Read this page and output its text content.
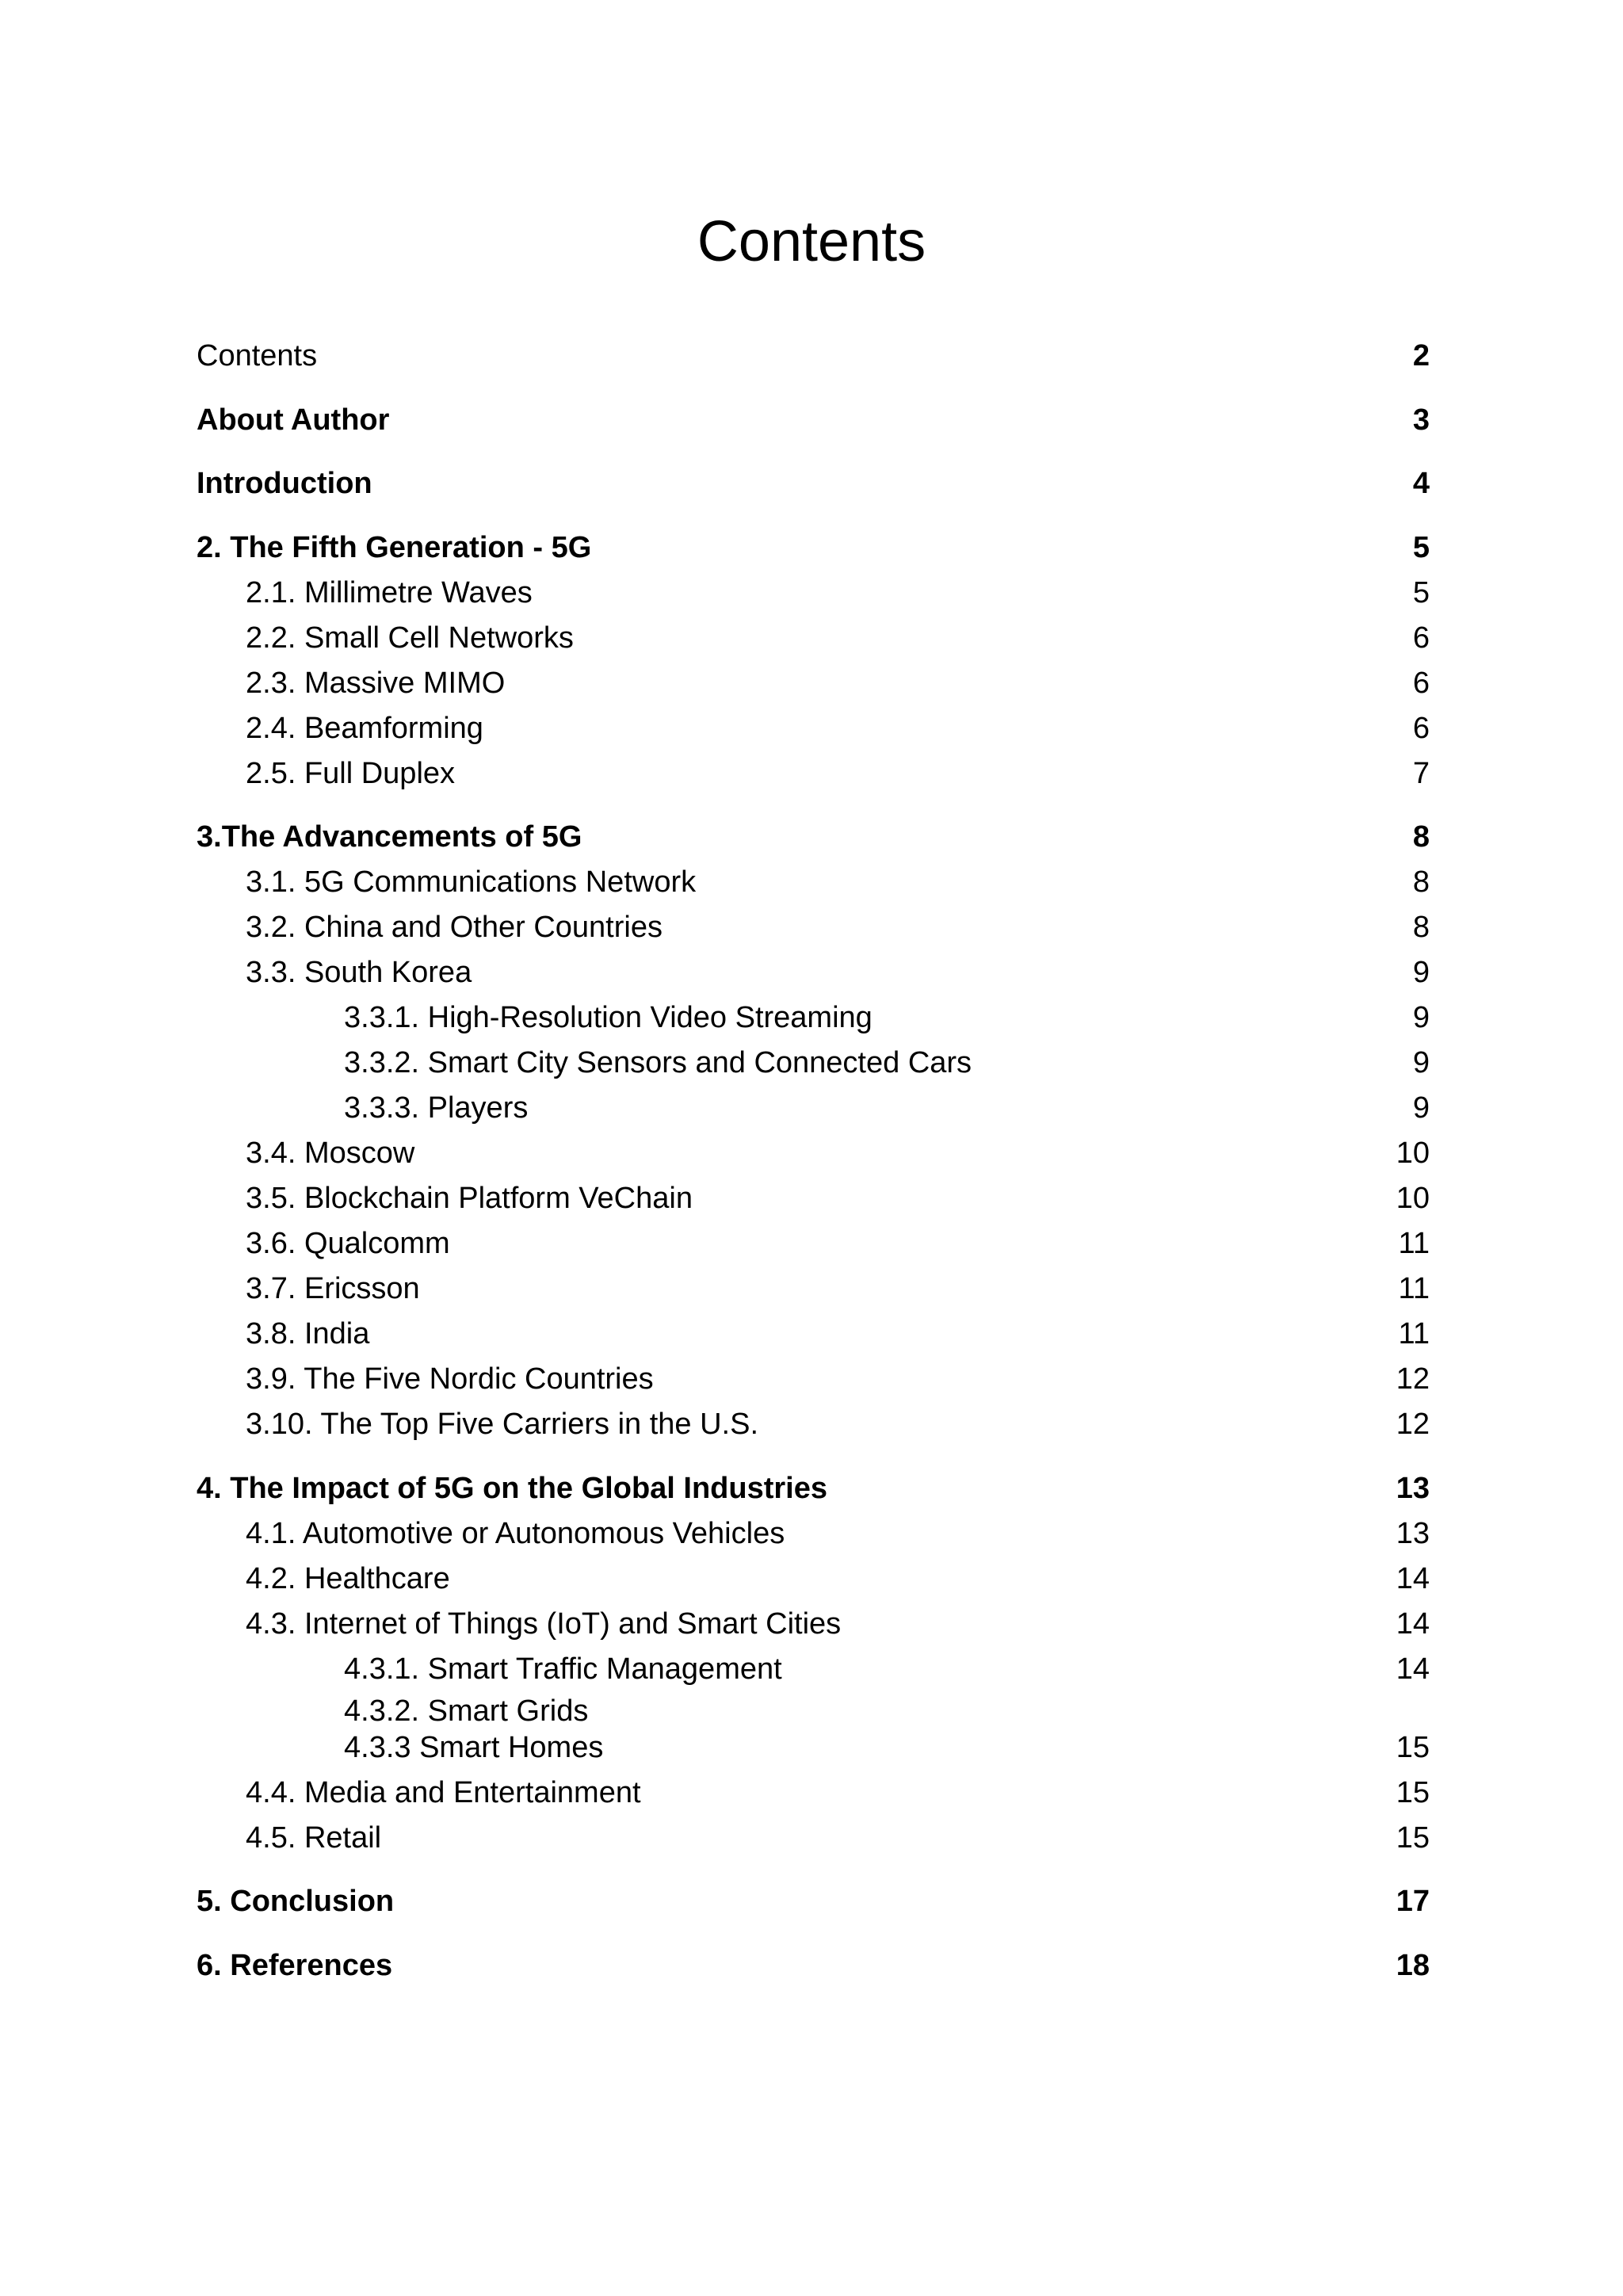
Contents
Contents	2
About Author	3
Introduction	4
2. The Fifth Generation - 5G	5
2.1. Millimetre Waves	5
2.2. Small Cell Networks	6
2.3. Massive MIMO	6
2.4. Beamforming	6
2.5. Full Duplex	7
3.The Advancements of 5G	8
3.1. 5G Communications Network	8
3.2. China and Other Countries	8
3.3. South Korea	9
3.3.1. High-Resolution Video Streaming	9
3.3.2. Smart City Sensors and Connected Cars	9
3.3.3. Players	9
3.4. Moscow	10
3.5. Blockchain Platform VeChain	10
3.6. Qualcomm	11
3.7. Ericsson	11
3.8. India	11
3.9. The Five Nordic Countries	12
3.10. The Top Five Carriers in the U.S.	12
4. The Impact of 5G on the Global Industries	13
4.1. Automotive or Autonomous Vehicles	13
4.2. Healthcare	14
4.3. Internet of Things (IoT) and Smart Cities	14
4.3.1. Smart Traffic Management	14
4.3.2. Smart Grids
4.3.3 Smart Homes	15
4.4. Media and Entertainment	15
4.5. Retail	15
5. Conclusion	17
6. References	18
